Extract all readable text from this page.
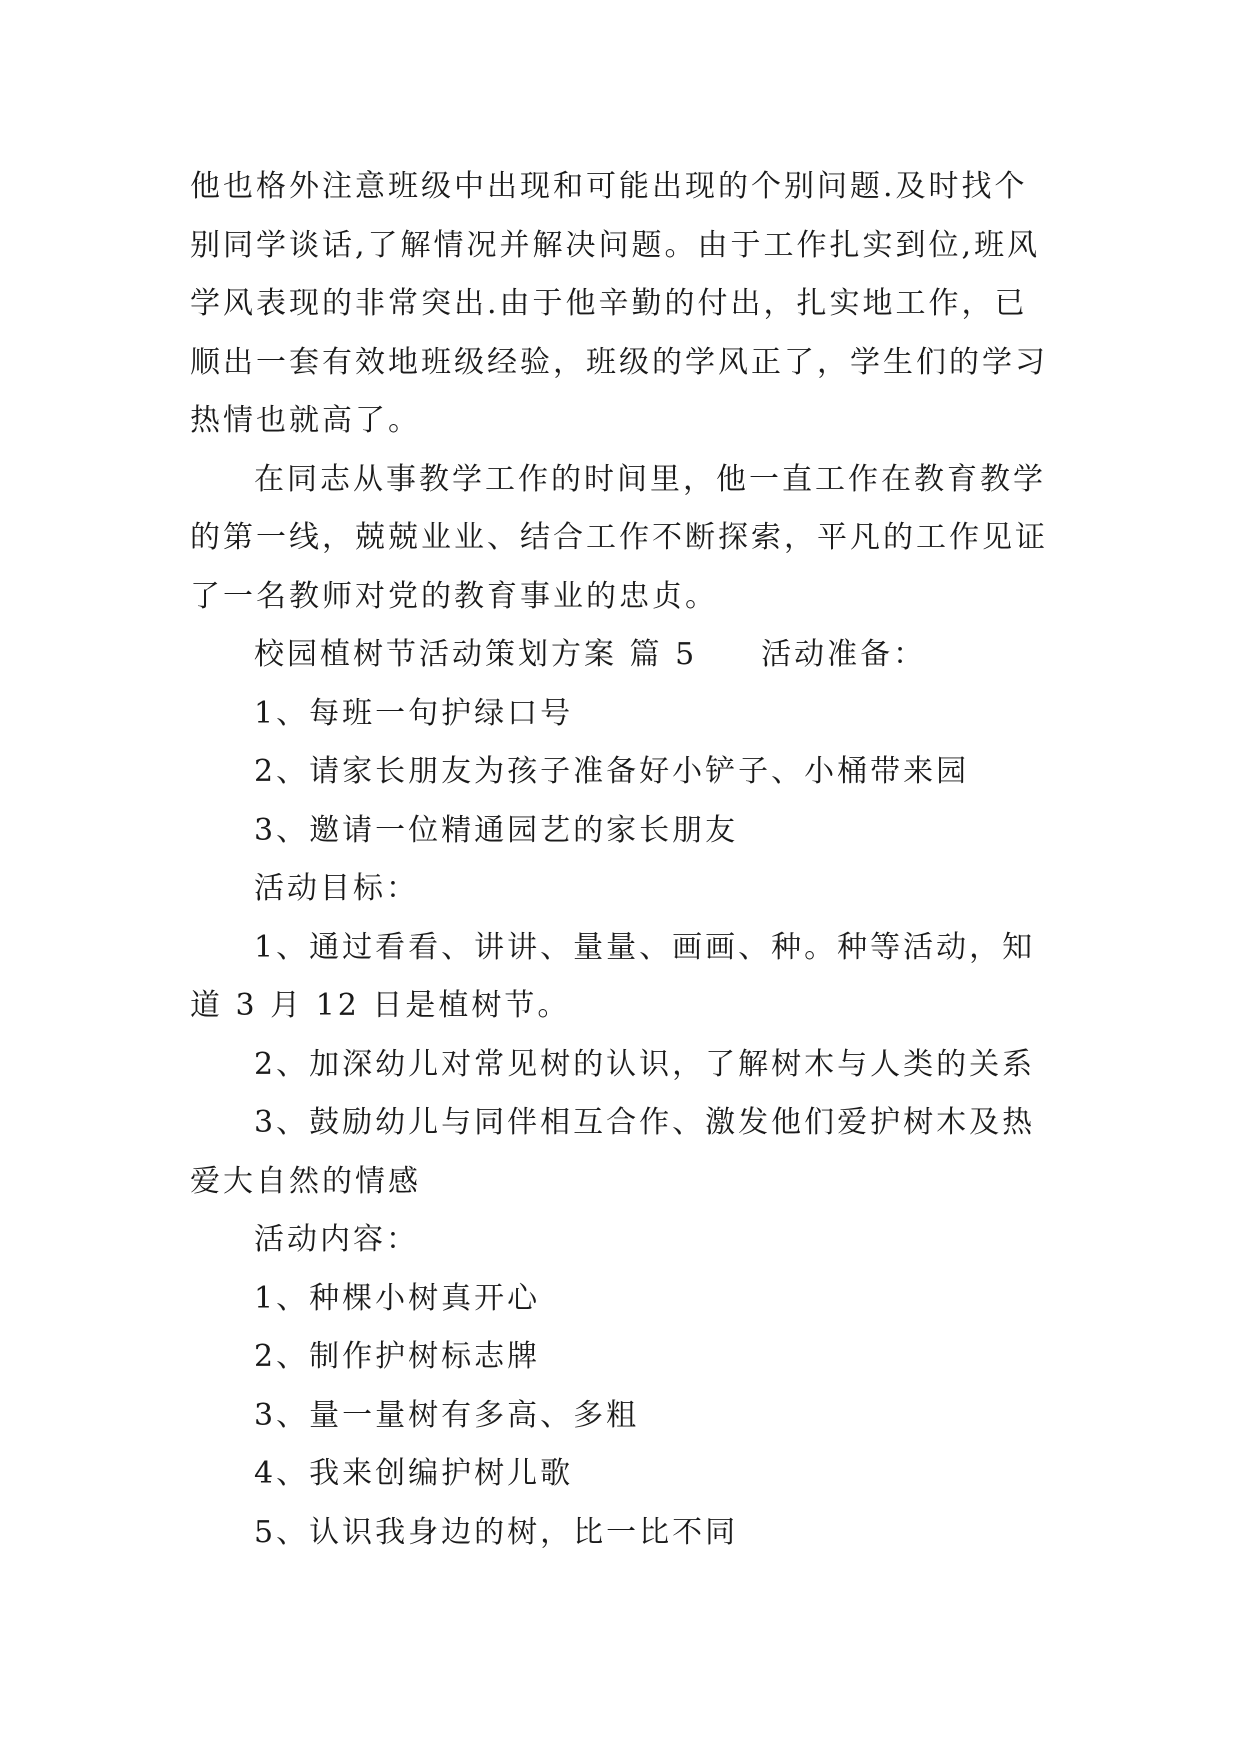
他也格外注意班级中出现和可能出现的个别问题.及时找个
别同学谈话,了解情况并解决问题。由于工作扎实到位,班风
学风表现的非常突出.由于他辛勤的付出，扎实地工作，已
顺出一套有效地班级经验，班级的学风正了，学生们的学习
热情也就高了。
在同志从事教学工作的时间里，他一直工作在教育教学
的第一线，兢兢业业、结合工作不断探索，平凡的工作见证
了一名教师对党的教育事业的忠贞。
校园植树节活动策划方案 篇 5 活动准备：
1、每班一句护绿口号
2、请家长朋友为孩子准备好小铲子、小桶带来园
3、邀请一位精通园艺的家长朋友
活动目标：
1、通过看看、讲讲、量量、画画、种。种等活动，知
道 3 月 12 日是植树节。
2、加深幼儿对常见树的认识，了解树木与人类的关系
3、鼓励幼儿与同伴相互合作、激发他们爱护树木及热
爱大自然的情感
活动内容：
1、种棵小树真开心
2、制作护树标志牌
3、量一量树有多高、多粗
4、我来创编护树儿歌
5、认识我身边的树，比一比不同
